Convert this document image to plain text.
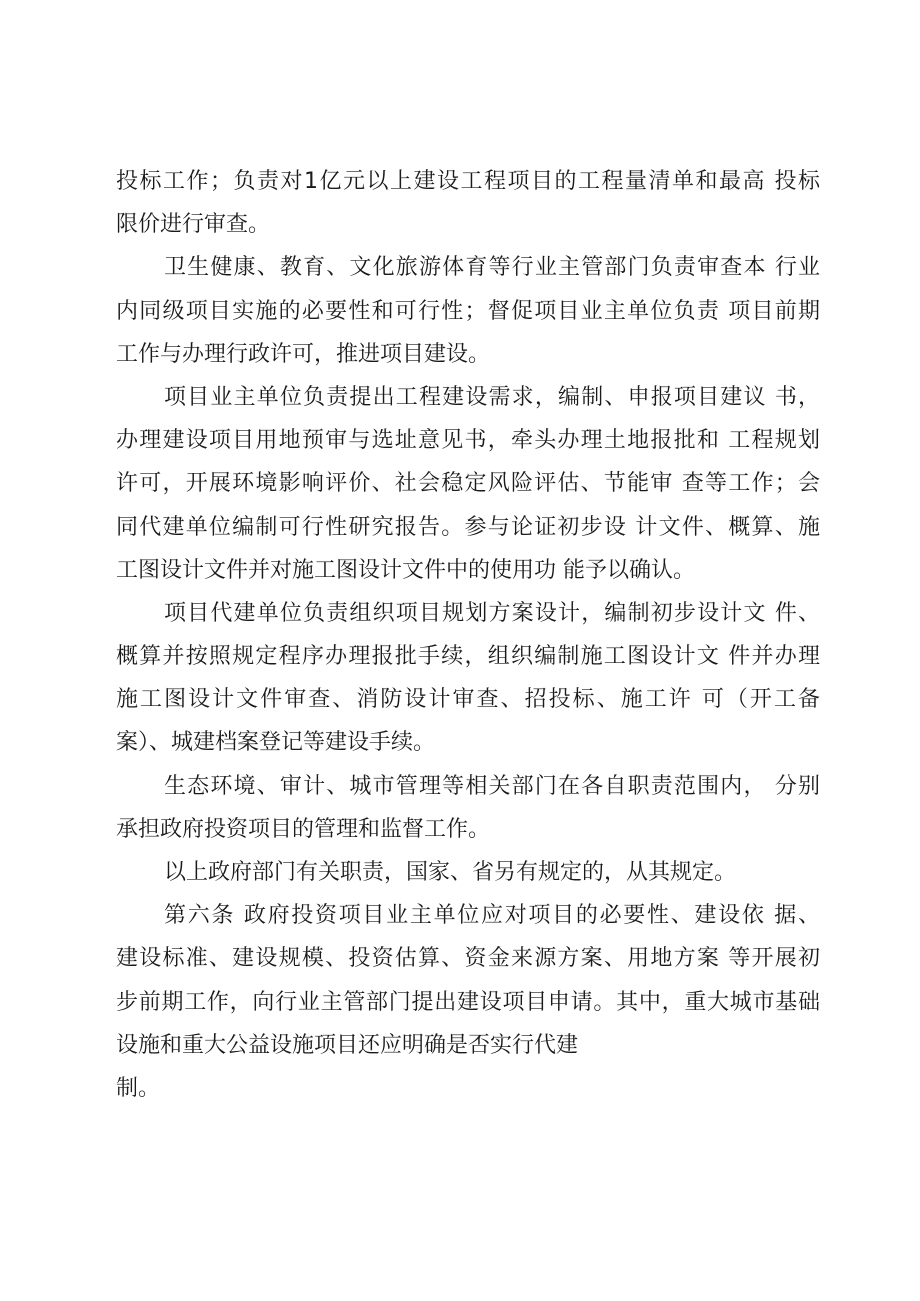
投标工作；负责对1亿元以上建设工程项目的工程量清单和最高 投标
限价进行审查。
卫生健康、教育、文化旅游体育等行业主管部门负责审查本 行业
内同级项目实施的必要性和可行性；督促项目业主单位负责 项目前期
工作与办理行政许可，推进项目建设。
项目业主单位负责提出工程建设需求，编制、申报项目建议 书，
办理建设项目用地预审与选址意见书，牵头办理土地报批和 工程规划
许可，开展环境影响评价、社会稳定风险评估、节能审 查等工作；会
同代建单位编制可行性研究报告。参与论证初步设 计文件、概算、施
工图设计文件并对施工图设计文件中的使用功 能予以确认。
项目代建单位负责组织项目规划方案设计，编制初步设计文 件、
概算并按照规定程序办理报批手续，组织编制施工图设计文 件并办理
施工图设计文件审查、消防设计审查、招投标、施工许 可（开工备
案）、城建档案登记等建设手续。
生态环境、审计、城市管理等相关部门在各自职责范围内， 分别
承担政府投资项目的管理和监督工作。
以上政府部门有关职责，国家、省另有规定的，从其规定。
第六条 政府投资项目业主单位应对项目的必要性、建设依 据、
建设标准、建设规模、投资估算、资金来源方案、用地方案 等开展初
步前期工作，向行业主管部门提出建设项目申请。其中，重大城市基础
设施和重大公益设施项目还应明确是否实行代建
制。
